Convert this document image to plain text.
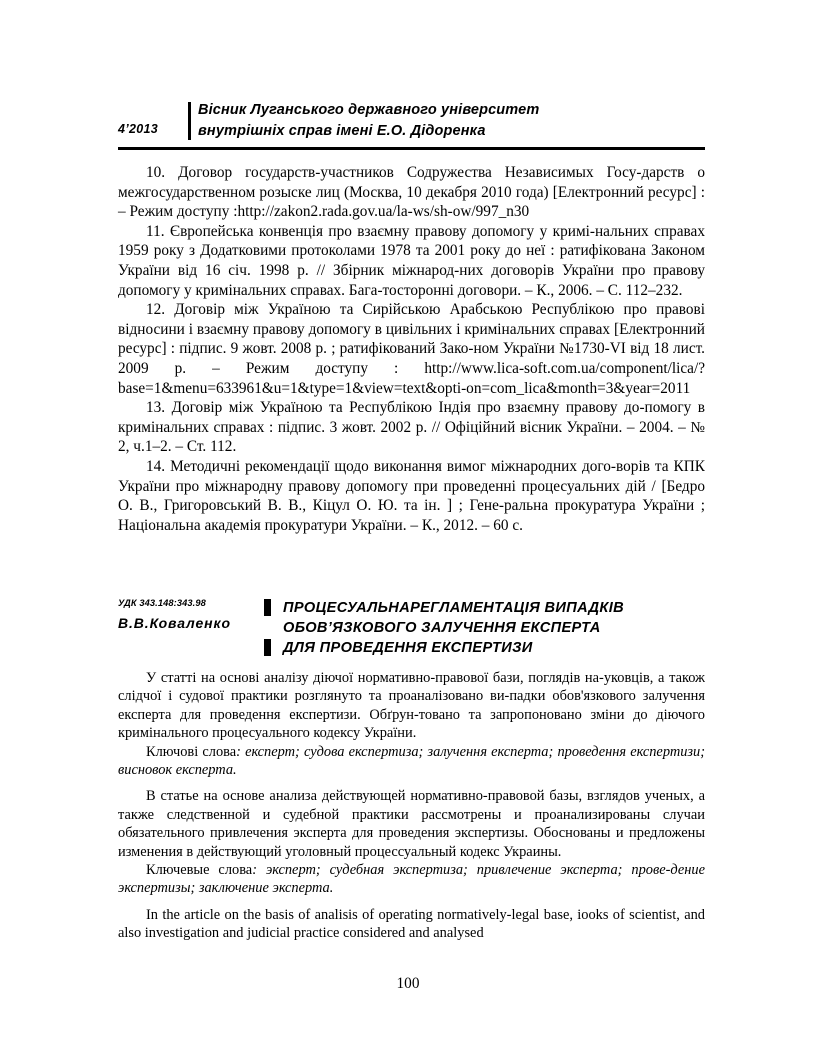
4’2013
Вісник Луганського державного університет
внутрішніх справ імені Е.О. Дідоренка

10. Договор государств-участников Содружества Независимых Госу-дарств о межгосударственном розыске лиц (Москва, 10 декабря 2010 года) [Електронний ресурс] : – Режим доступу :http://zakon2.rada.gov.ua/la-ws/sh-ow/997_n30

11. Європейська конвенція про взаємну правову допомогу у кримі-нальних справах 1959 року з Додатковими протоколами 1978 та 2001 року до неї : ратифікована Законом України від 16 січ. 1998 р. // Збірник міжнарод-них договорів України про правову допомогу у кримінальних справах. Бага-тосторонні договори. – К., 2006. – С. 112–232.

12. Договір між Україною та Сирійською Арабською Республікою про правові відносини і взаємну правову допомогу в цивільних і кримінальних справах [Електронний ресурс] : підпис. 9 жовт. 2008 р. ; ратифікований Зако-ном України №1730-VI від 18 лист. 2009 р. – Режим доступу : http://www.lica-soft.com.ua/component/lica/?base=1&menu=633961&u=1&type=1&view=text&opti-on=com_lica&month=3&year=2011

13. Договір між Україною та Республікою Індія про взаємну правову до-помогу в кримінальних справах : підпис. 3 жовт. 2002 р. // Офіційний вісник України. – 2004. – № 2, ч.1–2. – Ст. 112.

14. Методичні рекомендації щодо виконання вимог міжнародних дого-ворів та КПК України про міжнародну правову допомогу при проведенні процесуальних дій / [Бедро О. В., Григоровський В. В., Кіцул О. Ю. та ін. ] ; Гене-ральна прокуратура України ; Національна академія прокуратури України. – К., 2012. – 60 с.

УДК 343.148:343.98
В.В.Коваленко
ПРОЦЕСУАЛЬНАРЕГЛАМЕНТАЦІЯ ВИПАДКІВ
ОБОВ’ЯЗКОВОГО ЗАЛУЧЕННЯ ЕКСПЕРТА
ДЛЯ ПРОВЕДЕННЯ ЕКСПЕРТИЗИ

У статті на основі аналізу діючої нормативно-правової бази, поглядів на-уковців, а також слідчої і судової практики розглянуто та проаналізовано ви-падки обов'язкового залучення експерта для проведення експертизи. Обґрун-товано та запропоновано зміни до діючого кримінального процесуального кодексу України.

Ключові слова: експерт; судова експертиза; залучення експерта; проведення експертизи; висновок експерта.

В статье на основе анализа действующей нормативно-правовой базы, взглядов ученых, а также следственной и судебной практики рассмотрены и проанализированы случаи обязательного привлечения эксперта для проведения экспертизы. Обоснованы и предложены изменения в действующий уголовный процессуальный кодекс Украины.

Ключевые слова: эксперт; судебная экспертиза; привлечение эксперта; прове-дение экспертизы; заключение эксперта.

In the article on the basis of analisis of operating normatively-legal base, iooks of scientist, and also investigation and judicial practice considered and analysed

100
